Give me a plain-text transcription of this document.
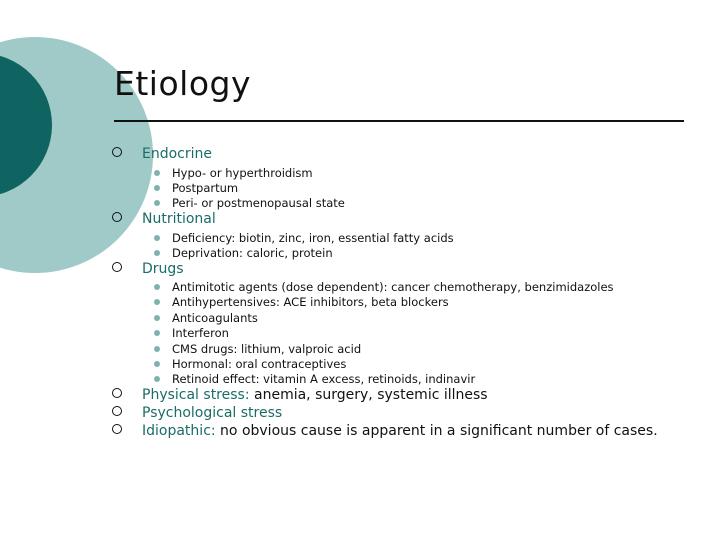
Etiology
Endocrine
Hypo- or hyperthroidism
Postpartum
Peri- or postmenopausal state
Nutritional
Deficiency: biotin, zinc, iron, essential fatty acids
Deprivation: caloric, protein
Drugs
Antimitotic agents (dose dependent): cancer chemotherapy, benzimidazoles
Antihypertensives: ACE inhibitors, beta blockers
Anticoagulants
Interferon
CMS drugs: lithium, valproic acid
Hormonal: oral contraceptives
Retinoid effect: vitamin A excess, retinoids, indinavir
Physical stress: anemia, surgery, systemic illness
Psychological stress
Idiopathic: no obvious cause is apparent in a significant number of cases.
